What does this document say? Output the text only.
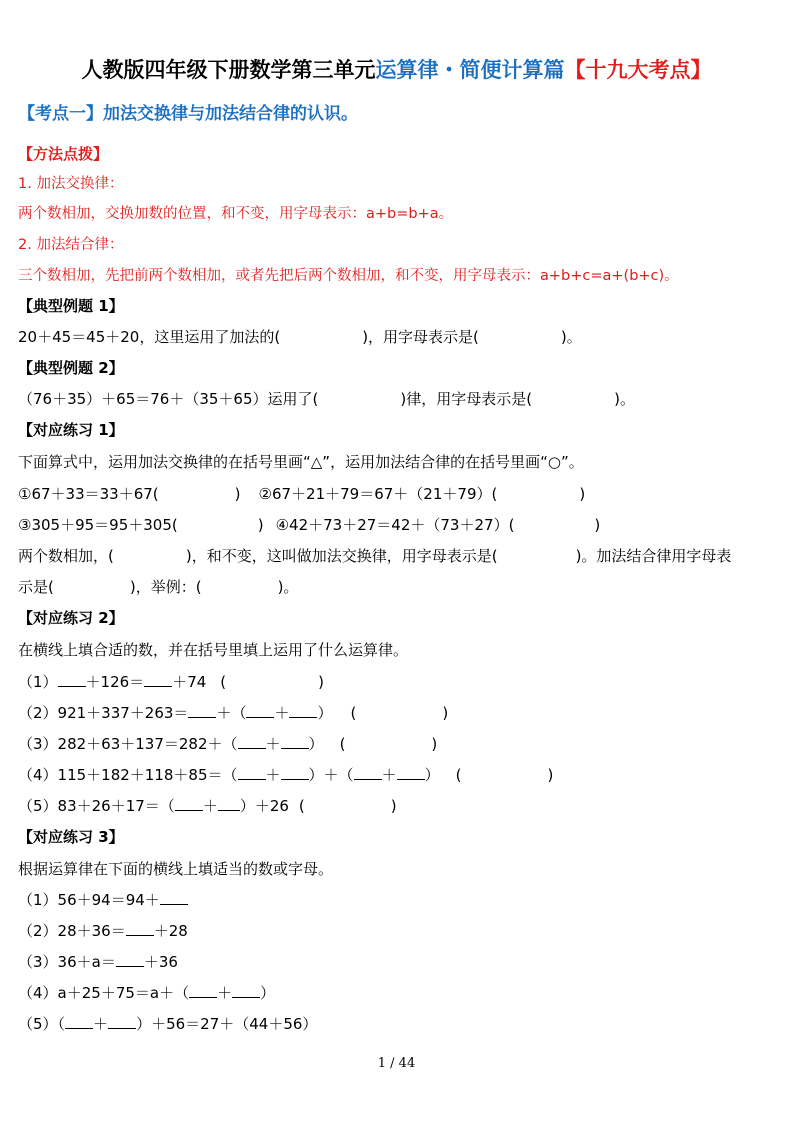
人教版四年级下册数学第三单元运算律・简便计算篇【十九大考点】
【考点一】加法交换律与加法结合律的认识。
【方法点拨】
1. 加法交换律：
两个数相加，交换加数的位置，和不变，用字母表示：a+b=b+a。
2. 加法结合律：
三个数相加，先把前两个数相加，或者先把后两个数相加，和不变，用字母表示：a+b+c=a+(b+c)。
【典型例题 1】
20＋45＝45＋20，这里运用了加法的(	)，用字母表示是(	)。
【典型例题 2】
（76＋35）＋65＝76＋（35＋65）运用了(	)律，用字母表示是(	)。
【对应练习 1】
下面算式中，运用加法交换律的在括号里画“△”，运用加法结合律的在括号里画“○”。
①67＋33＝33＋67(	) ②67＋21＋79＝67＋（21＋79）(	)
③305＋95＝95＋305(	) ④42＋73＋27＝42＋（73＋27）(	)
两个数相加，(	)，和不变，这叫做加法交换律，用字母表示是(	)。加法结合律用字母表
示是(	)，举例：(	)。
【对应练习 2】
在横线上填合适的数，并在括号里填上运用了什么运算律。
（1） ＋126＝ ＋74 (	)
（2）921＋337＋263＝ ＋（ ＋ ） (	)
（3）282＋63＋137＝282＋（ ＋ ） (	)
（4）115＋182＋118＋85＝（ ＋ ）＋（ ＋ ） (	)
（5）83＋26＋17＝（ ＋ ）＋26 (	)
【对应练习 3】
根据运算律在下面的横线上填适当的数或字母。
（1）56＋94＝94＋
（2）28＋36＝ ＋28
（3）36＋a＝ ＋36
（4）a＋25＋75＝a＋（ ＋ ）
（5）（ ＋ ）＋56＝27＋（44＋56）
1 / 44
